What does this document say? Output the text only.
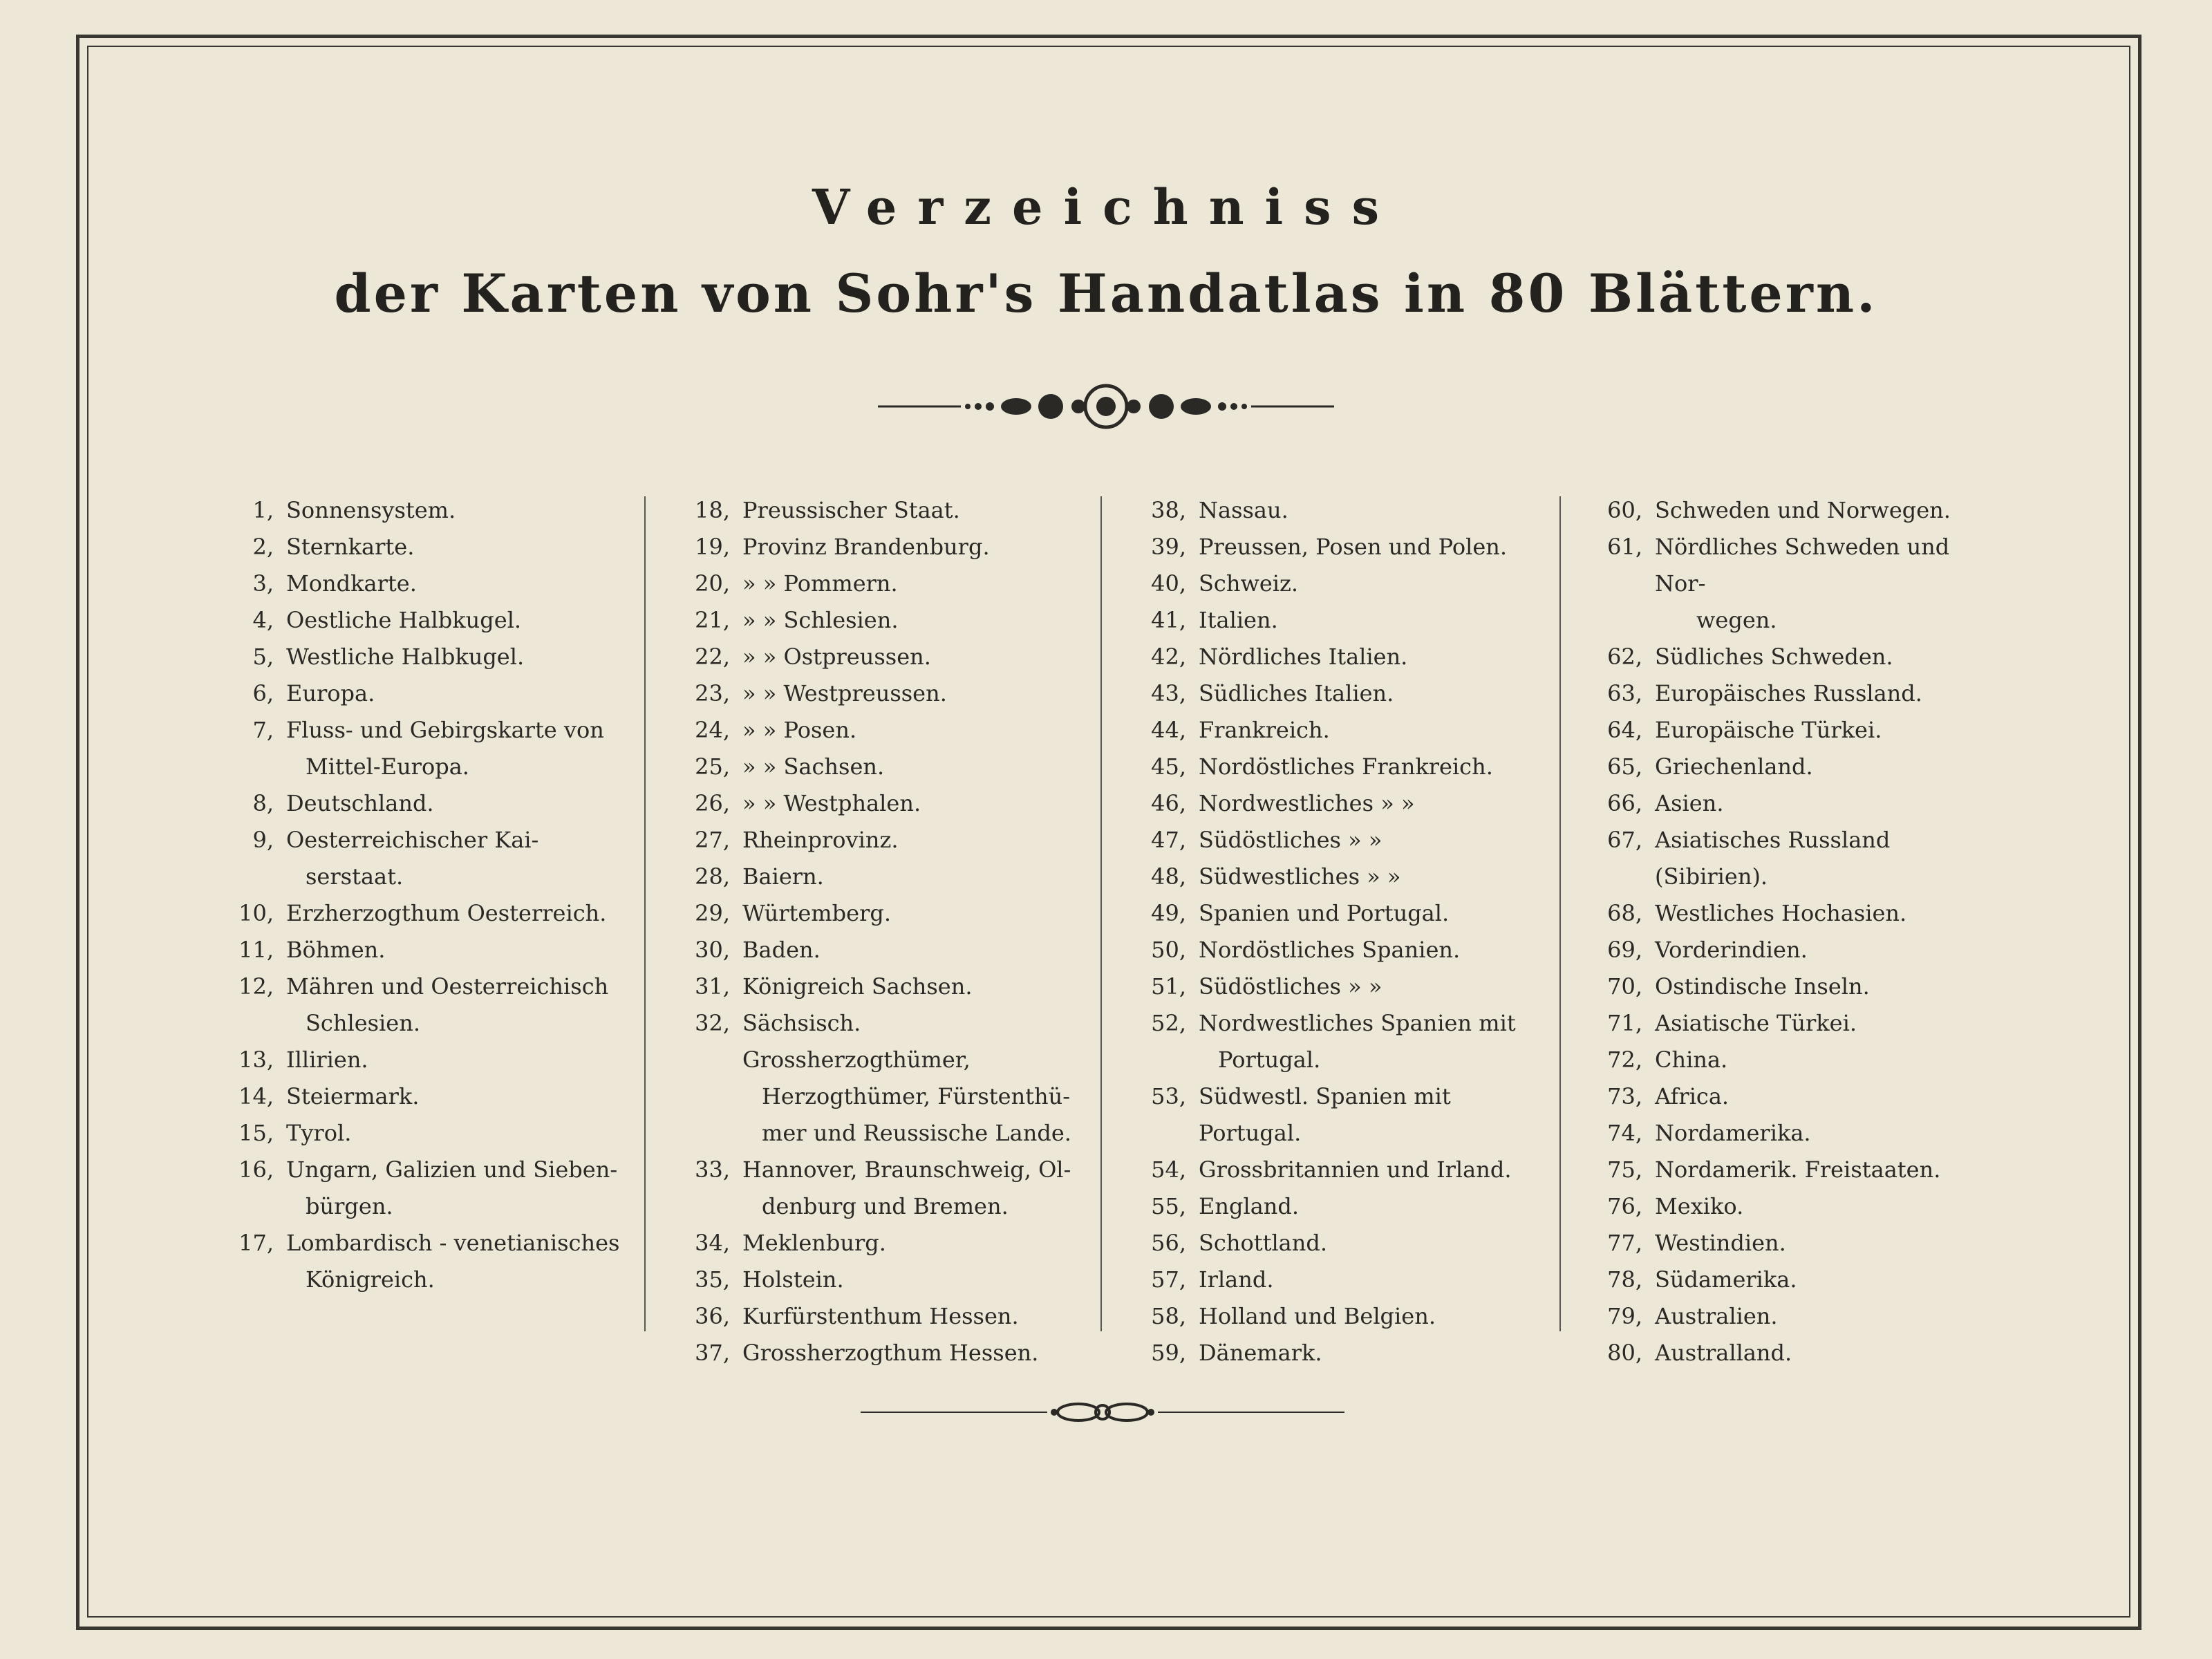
Verzeichniss
der Karten von Sohr's Handatlas in 80 Blättern.
1, Sonnensystem.
2, Sternkarte.
3, Mondkarte.
4, Oestliche Halbkugel.
5, Westliche Halbkugel.
6, Europa.
7, Fluss- und Gebirgskarte von
Mittel-Europa.
8, Deutschland.
9, Oesterreichischer Kai-
serstaat.
10, Erzherzogthum Oesterreich.
11, Böhmen.
12, Mähren und Oesterreichisch
Schlesien.
13, Illirien.
14, Steiermark.
15, Tyrol.
16, Ungarn, Galizien und Sieben-
bürgen.
17, Lombardisch - venetianisches
Königreich.
18, Preussischer Staat.
19, Provinz Brandenburg.
20, » » Pommern.
21, » » Schlesien.
22, » » Ostpreussen.
23, » » Westpreussen.
24, » » Posen.
25, » » Sachsen.
26, » » Westphalen.
27, Rheinprovinz.
28, Baiern.
29, Würtemberg.
30, Baden.
31, Königreich Sachsen.
32, Sächsisch. Grossherzogthümer,
Herzogthümer, Fürstenthü-
mer und Reussische Lande.
33, Hannover, Braunschweig, Ol-
denburg und Bremen.
34, Meklenburg.
35, Holstein.
36, Kurfürstenthum Hessen.
37, Grossherzogthum Hessen.
38, Nassau.
39, Preussen, Posen und Polen.
40, Schweiz.
41, Italien.
42, Nördliches Italien.
43, Südliches Italien.
44, Frankreich.
45, Nordöstliches Frankreich.
46, Nordwestliches » »
47, Südöstliches » »
48, Südwestliches » »
49, Spanien und Portugal.
50, Nordöstliches Spanien.
51, Südöstliches » »
52, Nordwestliches Spanien mit
Portugal.
53, Südwestl. Spanien mit Portugal.
54, Grossbritannien und Irland.
55, England.
56, Schottland.
57, Irland.
58, Holland und Belgien.
59, Dänemark.
60, Schweden und Norwegen.
61, Nördliches Schweden und Nor-
wegen.
62, Südliches Schweden.
63, Europäisches Russland.
64, Europäische Türkei.
65, Griechenland.
66, Asien.
67, Asiatisches Russland (Sibirien).
68, Westliches Hochasien.
69, Vorderindien.
70, Ostindische Inseln.
71, Asiatische Türkei.
72, China.
73, Africa.
74, Nordamerika.
75, Nordamerik. Freistaaten.
76, Mexiko.
77, Westindien.
78, Südamerika.
79, Australien.
80, Australland.
